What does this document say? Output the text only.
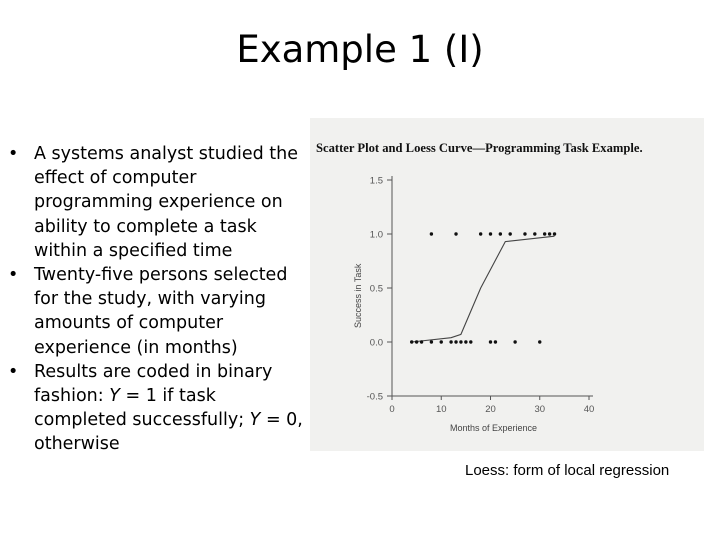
Example 1 (I)
• A systems analyst studied the effect of computer programming experience on ability to complete a task within a specified time
• Twenty-five persons selected for the study, with varying amounts of computer experience (in months)
• Results are coded in binary fashion: Y = 1 if task completed successfully; Y = 0, otherwise
Scatter Plot and Loess Curve—Programming Task Example.
-0.5
0.0
0.5
1.0
1.5
0	10	20	30	40
Months of Experience
Success in Task
Loess: form of local regression
